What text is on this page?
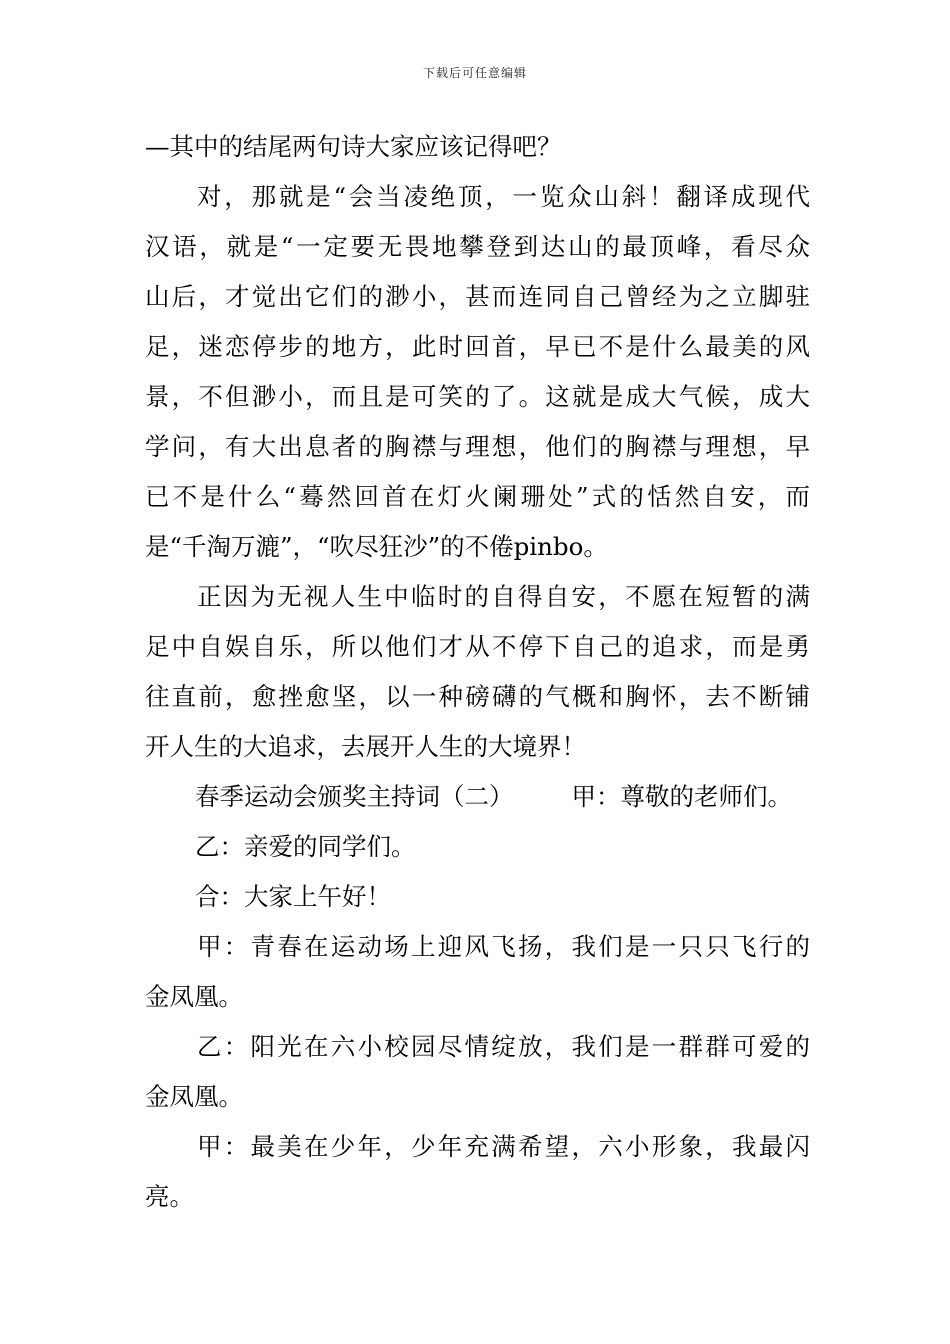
下载后可任意编辑
—其中的结尾两句诗大家应该记得吧？
对，那就是“会当凌绝顶，一览众山斜！翻译成现代
汉语，就是“一定要无畏地攀登到达山的最顶峰，看尽众
山后，才觉出它们的渺小，甚而连同自己曾经为之立脚驻
足，迷恋停步的地方，此时回首，早已不是什么最美的风
景，不但渺小，而且是可笑的了。这就是成大气候，成大
学问，有大出息者的胸襟与理想，他们的胸襟与理想，早
已不是什么“蓦然回首在灯火阑珊处”式的恬然自安，而
是“千淘万漉”，“吹尽狂沙”的不倦pinbo。
正因为无视人生中临时的自得自安，不愿在短暂的满
足中自娱自乐，所以他们才从不停下自己的追求，而是勇
往直前，愈挫愈坚，以一种磅礴的气概和胸怀，去不断铺
开人生的大追求，去展开人生的大境界！
春季运动会颁奖主持词（二） 甲：尊敬的老师们。
乙：亲爱的同学们。
合：大家上午好！
甲：青春在运动场上迎风飞扬，我们是一只只飞行的
金凤凰。
乙：阳光在六小校园尽情绽放，我们是一群群可爱的
金凤凰。
甲：最美在少年，少年充满希望，六小形象，我最闪
亮。
